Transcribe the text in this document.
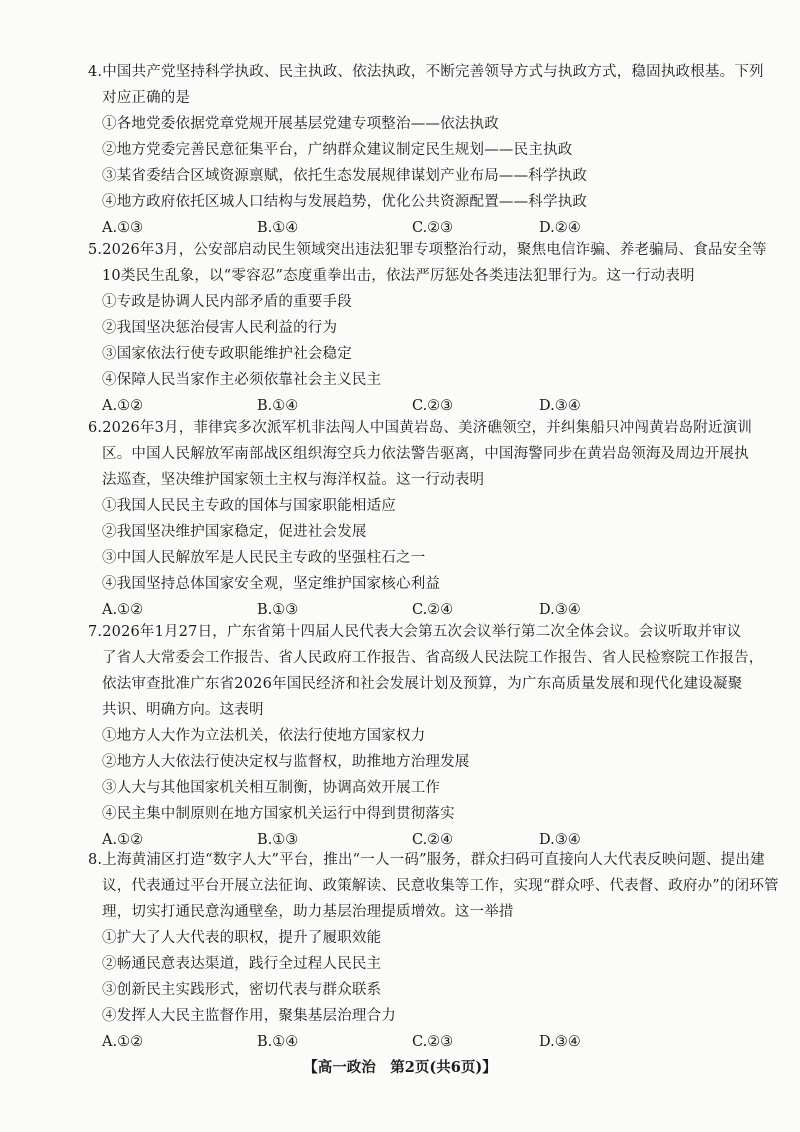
4.中国共产党坚持科学执政、民主执政、依法执政，不断完善领导方式与执政方式，稳固执政根基。下列
对应正确的是
①各地党委依据党章党规开展基层党建专项整治——依法执政
②地方党委完善民意征集平台，广纳群众建议制定民生规划——民主执政
③某省委结合区域资源禀赋，依托生态发展规律谋划产业布局——科学执政
④地方政府依托区城人口结构与发展趋势，优化公共资源配置——科学执政
A.①③	B.①④	C.②③	D.②④
5.2026年3月，公安部启动民生领域突出违法犯罪专项整治行动，聚焦电信诈骗、养老骗局、食品安全等
10类民生乱象，以“零容忍”态度重拳出击，依法严厉惩处各类违法犯罪行为。这一行动表明
①专政是协调人民内部矛盾的重要手段
②我国坚决惩治侵害人民利益的行为
③国家依法行使专政职能维护社会稳定
④保障人民当家作主必须依靠社会主义民主
A.①②	B.①④	C.②③	D.③④
6.2026年3月，菲律宾多次派军机非法闯人中国黄岩岛、美济礁领空，并纠集船只冲闯黄岩岛附近演训
区。中国人民解放军南部战区组织海空兵力依法警告驱离，中国海警同步在黄岩岛领海及周边开展执
法巡查，坚决维护国家领土主权与海洋权益。这一行动表明
①我国人民民主专政的国体与国家职能相适应
②我国坚决维护国家稳定，促进社会发展
③中国人民解放军是人民民主专政的坚强柱石之一
④我国坚持总体国家安全观，坚定维护国家核心利益
A.①②	B.①③	C.②④	D.③④
7.2026年1月27日，广东省第十四届人民代表大会第五次会议举行第二次全体会议。会议听取并审议
了省人大常委会工作报告、省人民政府工作报告、省高级人民法院工作报告、省人民检察院工作报告，
依法审查批准广东省2026年国民经济和社会发展计划及预算，为广东高质量发展和现代化建设凝聚
共识、明确方向。这表明
①地方人大作为立法机关，依法行使地方国家权力
②地方人大依法行使决定权与监督权，助推地方治理发展
③人大与其他国家机关相互制衡，协调高效开展工作
④民主集中制原则在地方国家机关运行中得到贯彻落实
A.①②	B.①③	C.②④	D.③④
8.上海黄浦区打造“数字人大”平台，推出“一人一码”服务，群众扫码可直接向人大代表反映问题、提出建
议，代表通过平台开展立法征询、政策解读、民意收集等工作，实现“群众呼、代表督、政府办”的闭环管
理，切实打通民意沟通壁垒，助力基层治理提质增效。这一举措
①扩大了人大代表的职权，提升了履职效能
②畅通民意表达渠道，践行全过程人民民主
③创新民主实践形式，密切代表与群众联系
④发挥人大民主监督作用，聚集基层治理合力
A.①②	B.①④	C.②③	D.③④
【高一政治　第2页(共6页)】
